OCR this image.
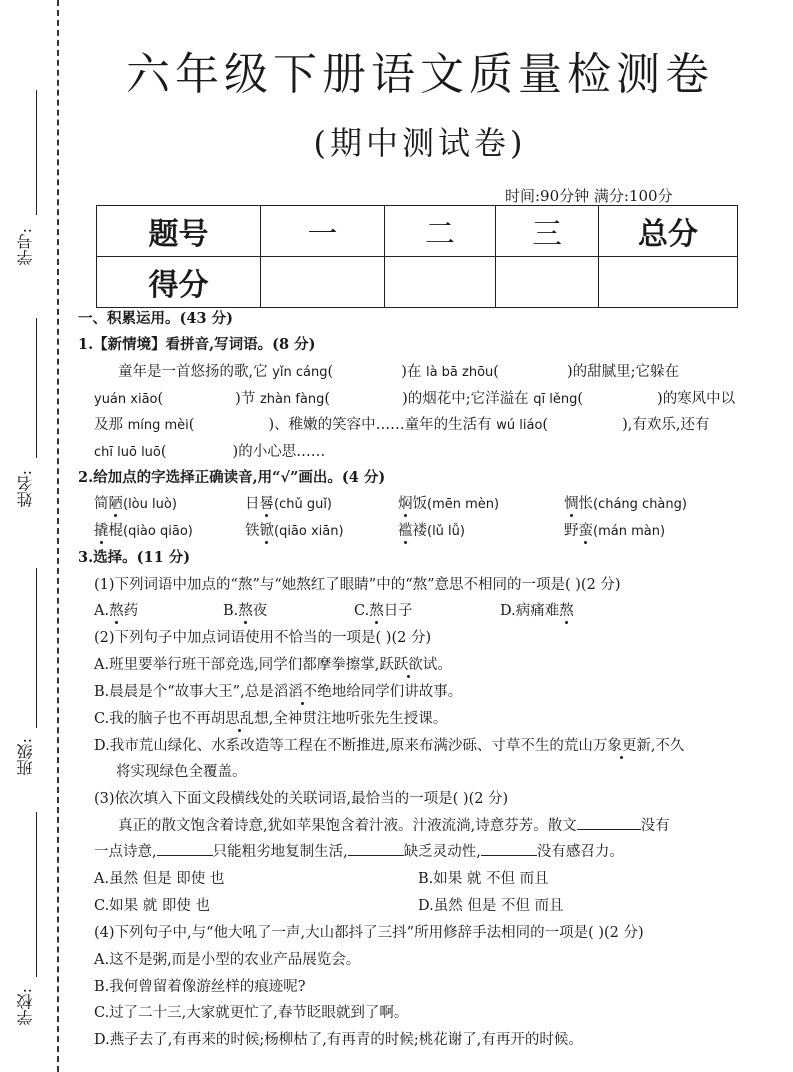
学号:
姓名:
班级:
学校:
六年级下册语文质量检测卷
(期中测试卷)
时间:90分钟 满分:100分
题号	一	二	三	总分
得分				
一、积累运用。(43 分)
1.【新情境】看拼音,写词语。(8 分)
童年是一首悠扬的歌,它 yǐn cáng(	)在 là bā zhōu(	)的甜腻里;它躲在
yuán xiāo(	)节 zhàn fàng(	)的烟花中;它洋溢在 qī lěng(	)的寒风中以
及那 míng mèi(	)、稚嫩的笑容中……童年的生活有 wú liáo(	),有欢乐,还有
chī luō luō(	)的小心思……
2.给加点的字选择正确读音,用“√”画出。(4 分)
简陋(lòu luò)	日晷(chǔ guǐ)	焖饭(mēn mèn)	惆怅(cháng chàng)
撬棍(qiào qiāo)	铁锨(qiāo xiān)	褴褛(lǔ lǚ)	野蛮(mán màn)
3.选择。(11 分)
(1)下列词语中加点的“熬”与“她熬红了眼睛”中的“熬”意思不相同的一项是( )(2 分)
A.熬药	B.熬夜	C.熬日子	D.病痛难熬
(2)下列句子中加点词语使用不恰当的一项是( )(2 分)
A.班里要举行班干部竞选,同学们都摩拳擦掌,跃跃欲试。
B.晨晨是个“故事大王”,总是滔滔不绝地给同学们讲故事。
C.我的脑子也不再胡思乱想,全神贯注地听张先生授课。
D.我市荒山绿化、水系改造等工程在不断推进,原来布满沙砾、寸草不生的荒山万象更新,不久
将实现绿色全覆盖。
(3)依次填入下面文段横线处的关联词语,最恰当的一项是( )(2 分)
真正的散文饱含着诗意,犹如苹果饱含着汁液。汁液流淌,诗意芬芳。散文	没有
一点诗意,	只能粗劣地复制生活,	缺乏灵动性,	没有感召力。
A.虽然 但是 即使 也	B.如果 就 不但 而且
C.如果 就 即使 也	D.虽然 但是 不但 而且
(4)下列句子中,与“他大吼了一声,大山都抖了三抖”所用修辞手法相同的一项是( )(2 分)
A.这不是粥,而是小型的农业产品展览会。
B.我何曾留着像游丝样的痕迹呢?
C.过了二十三,大家就更忙了,春节眨眼就到了啊。
D.燕子去了,有再来的时候;杨柳枯了,有再青的时候;桃花谢了,有再开的时候。
